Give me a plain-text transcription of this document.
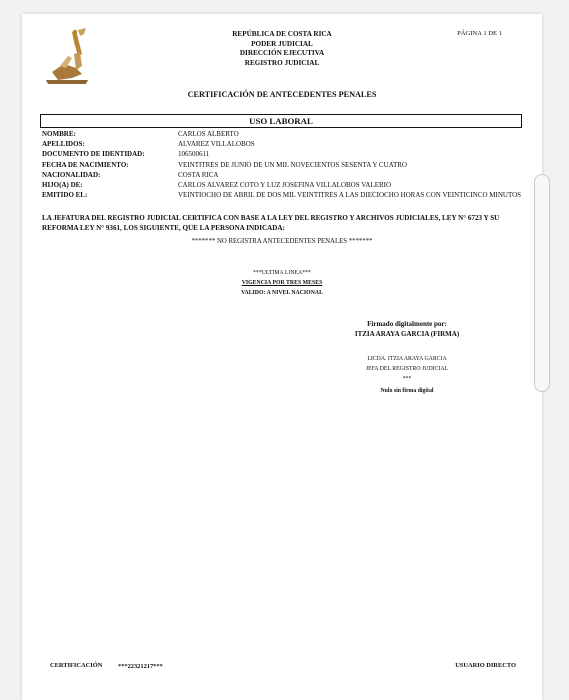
REPÚBLICA DE COSTA RICA
PODER JUDICIAL
DIRECCIÓN EJECUTIVA
REGISTRO JUDICIAL
PÁGINA 1 DE 1
CERTIFICACIÓN DE ANTECEDENTES PENALES
USO LABORAL
NOMBRE:	CARLOS ALBERTO
APELLIDOS:	ALVAREZ VILLALOBOS
DOCUMENTO DE IDENTIDAD:	106500611
FECHA DE NACIMIENTO:	VEINTITRES DE JUNIO DE UN MIL NOVECIENTOS SESENTA Y CUATRO
NACIONALIDAD:	COSTA RICA
HIJO(A) DE:	CARLOS ALVAREZ COTO Y LUZ JOSEFINA VILLALOBOS VALERIO
EMITIDO EL:	VEINTIOCHO DE ABRIL DE DOS MIL VEINTITRES A LAS DIECIOCHO HORAS CON VEINTICINCO MINUTOS
LA JEFATURA DEL REGISTRO JUDICIAL CERTIFICA CON BASE A LA LEY DEL REGISTRO Y ARCHIVOS JUDICIALES, LEY N° 6723 Y SU REFORMA LEY N° 9361, LOS SIGUIENTE, QUE LA PERSONA INDICADA:
******* NO REGISTRA ANTECEDENTES PENALES *******
***ULTIMA LINEA***
VIGENCIA POR TRES MESES
VALIDO: A NIVEL NACIONAL
Firmado digitalmente por:
ITZIA ARAYA GARCIA (FIRMA)
LICDA. ITZIA ARAYA GARCIA
JEFA DEL REGISTRO JUDICIAL
***
Nulo sin firma digital
CERTIFICACIÓN ***22321217***	USUARIO DIRECTO
